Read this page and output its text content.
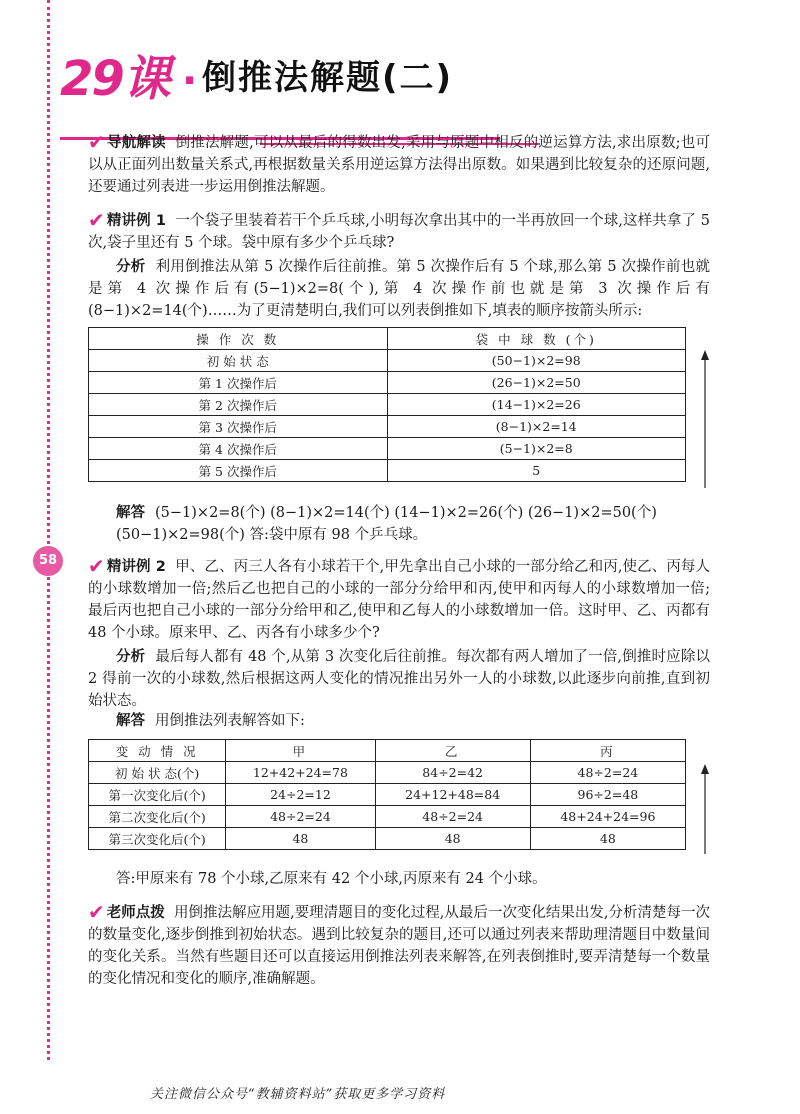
58
29课 . 倒推法解题(二)
✔ 导航解读 倒推法解题,可以从最后的得数出发,采用与原题中相反的逆运算方法,求出原数;也可以从正面列出数量关系式,再根据数量关系用逆运算方法得出原数。如果遇到比较复杂的还原问题,还要通过列表进一步运用倒推法解题。
✔ 精讲例 1 一个袋子里装着若干个乒乓球,小明每次拿出其中的一半再放回一个球,这样共拿了 5 次,袋子里还有 5 个球。袋中原有多少个乒乓球?
分析 利用倒推法从第 5 次操作后往前推。第 5 次操作后有 5 个球,那么第 5 次操作前也就是第 4 次操作后有(5−1)×2=8(个),第 4 次操作前也就是第 3 次操作后有(8−1)×2=14(个)……为了更清楚明白,我们可以列表倒推如下,填表的顺序按箭头所示:
操 作 次 数	袋 中 球 数 (个)
初 始 状 态	(50−1)×2=98
第 1 次操作后	(26−1)×2=50
第 2 次操作后	(14−1)×2=26
第 3 次操作后	(8−1)×2=14
第 4 次操作后	(5−1)×2=8
第 5 次操作后	5
解答 (5−1)×2=8(个) (8−1)×2=14(个) (14−1)×2=26(个) (26−1)×2=50(个)
(50−1)×2=98(个) 答:袋中原有 98 个乒乓球。
✔ 精讲例 2 甲、乙、丙三人各有小球若干个,甲先拿出自己小球的一部分给乙和丙,使乙、丙每人的小球数增加一倍;然后乙也把自己的小球的一部分分给甲和丙,使甲和丙每人的小球数增加一倍;最后丙也把自己小球的一部分分给甲和乙,使甲和乙每人的小球数增加一倍。这时甲、乙、丙都有 48 个小球。原来甲、乙、丙各有小球多少个?
分析 最后每人都有 48 个,从第 3 次变化后往前推。每次都有两人增加了一倍,倒推时应除以 2 得前一次的小球数,然后根据这两人变化的情况推出另外一人的小球数,以此逐步向前推,直到初始状态。
解答 用倒推法列表解答如下:
变 动 情 况	甲	乙	丙
初 始 状 态(个)	12+42+24=78	84÷2=42	48÷2=24
第一次变化后(个)	24÷2=12	24+12+48=84	96÷2=48
第二次变化后(个)	48÷2=24	48÷2=24	48+24+24=96
第三次变化后(个)	48	48	48
答:甲原来有 78 个小球,乙原来有 42 个小球,丙原来有 24 个小球。
✔ 老师点拨 用倒推法解应用题,要理清题目的变化过程,从最后一次变化结果出发,分析清楚每一次的数量变化,逐步倒推到初始状态。遇到比较复杂的题目,还可以通过列表来帮助理清题目中数量间的变化关系。当然有些题目还可以直接运用倒推法列表来解答,在列表倒推时,要弄清楚每一个数量的变化情况和变化的顺序,准确解题。
关注微信公众号“教辅资料站”获取更多学习资料
